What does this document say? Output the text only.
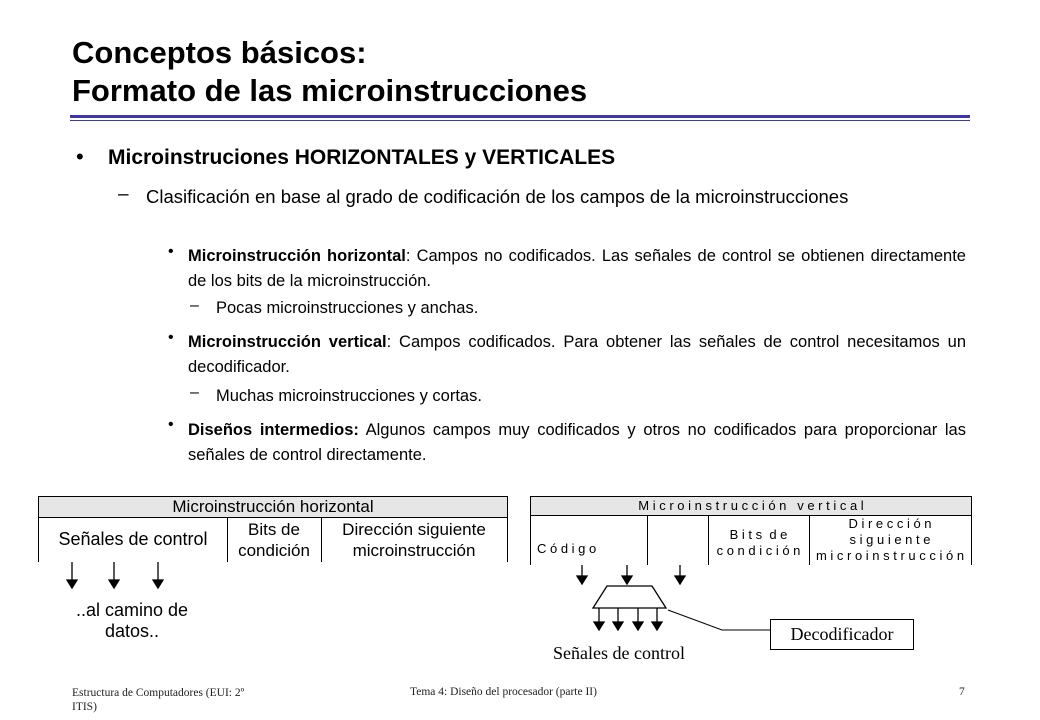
Conceptos básicos:
Formato de las microinstrucciones
• Microinstruciones HORIZONTALES y VERTICALES
– Clasificación en base al grado de codificación de los campos de la microinstrucciones
• Microinstrucción horizontal: Campos no codificados. Las señales de control se obtienen directamente de los bits de la microinstrucción.
– Pocas microinstrucciones y anchas.
• Microinstrucción vertical: Campos codificados. Para obtener las señales de control necesitamos un decodificador.
– Muchas microinstrucciones y cortas.
• Diseños intermedios: Algunos campos muy codificados y otros no codificados para proporcionar las señales de control directamente.
Microinstrucción horizontal
Señales de control	Bits de
condición
Dirección siguiente
microinstrucción
..al camino de
datos..
M i c r o i n s t r u c c i ó n   v e r t i c a l
C ó d i g o
B i t s  d e
c o n d i c i ó n
D i r e c c i ó n
s i g u i e n t e
m i c r o i n s t r u c c i ó n
Decodificador
Señales de control
Estructura de Computadores (EUI: 2º
ITIS)
Tema 4: Diseño del procesador (parte II)	7
